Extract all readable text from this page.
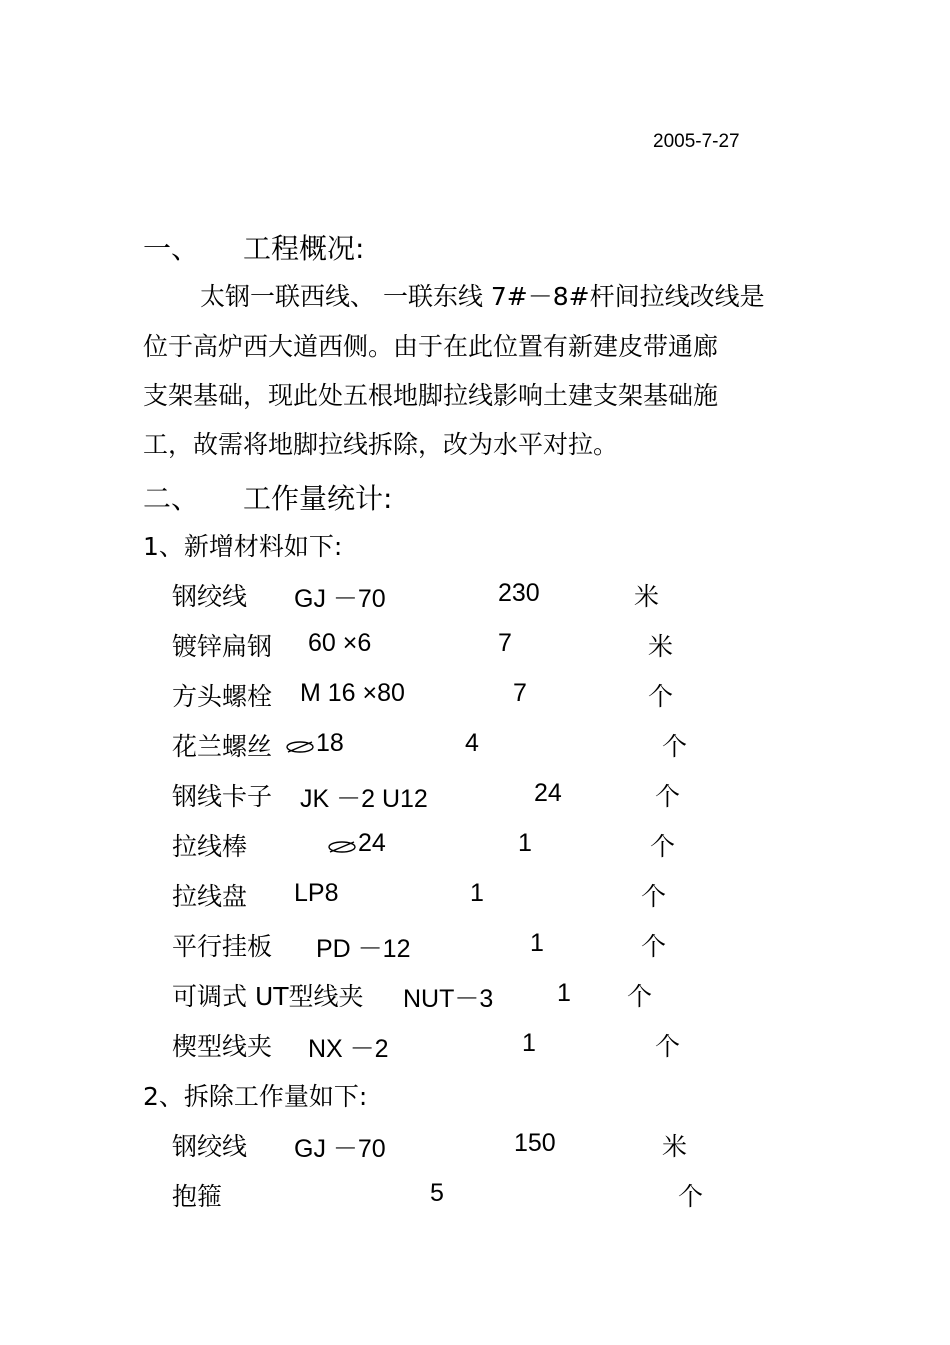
2005-7-27
一、 工程概况:
太钢一联西线、 一联东线 7#－8#杆间拉线改线是
位于高炉西大道西侧。由于在此位置有新建皮带通廊
支架基础，现此处五根地脚拉线影响土建支架基础施
工，故需将地脚拉线拆除，改为水平对拉。
二、 工作量统计:
1、新增材料如下:
钢绞线 GJ －70	230	米
镀锌扁钢 60 ×6	7	米
方头螺栓 M 16 ×80	7	个
花兰螺丝	18	4	个
钢线卡子 JK －2 U12	24	个
拉线棒	24	1	个
拉线盘 LP8	1	个
平行挂板 PD －12	1	个
可调式 UT型线夹 NUT－3	1 个
楔型线夹 NX －2	1	个
2、拆除工作量如下:
钢绞线 GJ －70	150	米
抱箍	5	个
